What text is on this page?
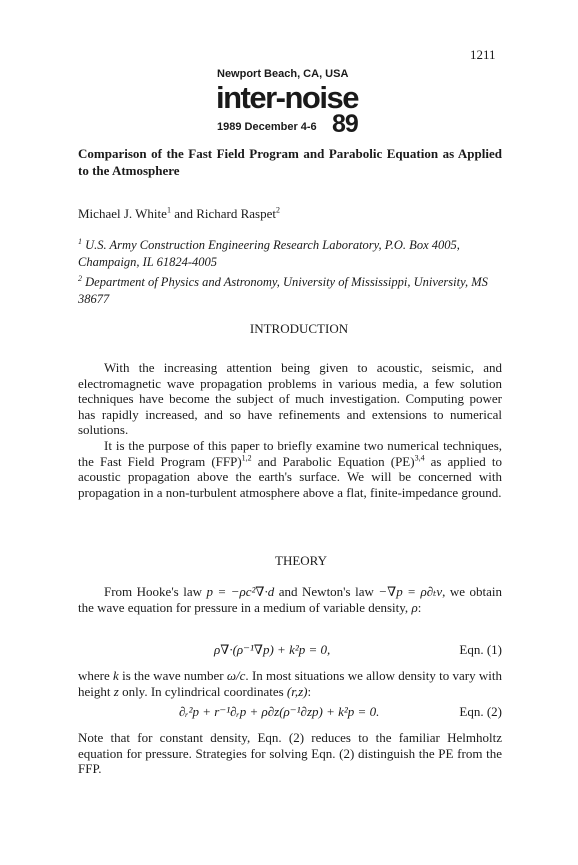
1211
Newport Beach, CA, USA
inter-noise
1989 December 4-6 89
Comparison of the Fast Field Program and Parabolic Equation as Applied to the Atmosphere
Michael J. White$^1$ and Richard Raspet$^2$
$^1$ U.S. Army Construction Engineering Research Laboratory, P.O. Box 4005, Champaign, IL 61824-4005
$^2$ Department of Physics and Astronomy, University of Mississippi, University, MS 38677
INTRODUCTION

With the increasing attention being given to acoustic, seismic, and electromagnetic wave propagation problems in various media, a few solution techniques have become the subject of much investigation. Computing power has rapidly increased, and so have refinements and extensions to numerical solutions.

It is the purpose of this paper to briefly examine two numerical techniques, the Fast Field Program (FFP)$^{1,2}$ and Parabolic Equation (PE)$^{3,4}$ as applied to acoustic propagation above the earth's surface. We will be concerned with propagation in a non-turbulent atmosphere above a flat, finite-impedance ground.

THEORY

From Hooke's law p = −ρc²∇·d and Newton's law −∇p = ρ∂ₜv, we obtain the wave equation for pressure in a medium of variable density, ρ:

ρ∇·(ρ⁻¹∇p) + k²p = 0,	Eqn. (1)

where k is the wave number ω/c. In most situations we allow density to vary with height z only. In cylindrical coordinates (r,z):

∂ᵣ²p + r⁻¹∂ᵣp + ρ∂z(ρ⁻¹∂zp) + k²p = 0.	Eqn. (2)

Note that for constant density, Eqn. (2) reduces to the familiar Helmholtz equation for pressure. Strategies for solving Eqn. (2) distinguish the PE from the FFP.
